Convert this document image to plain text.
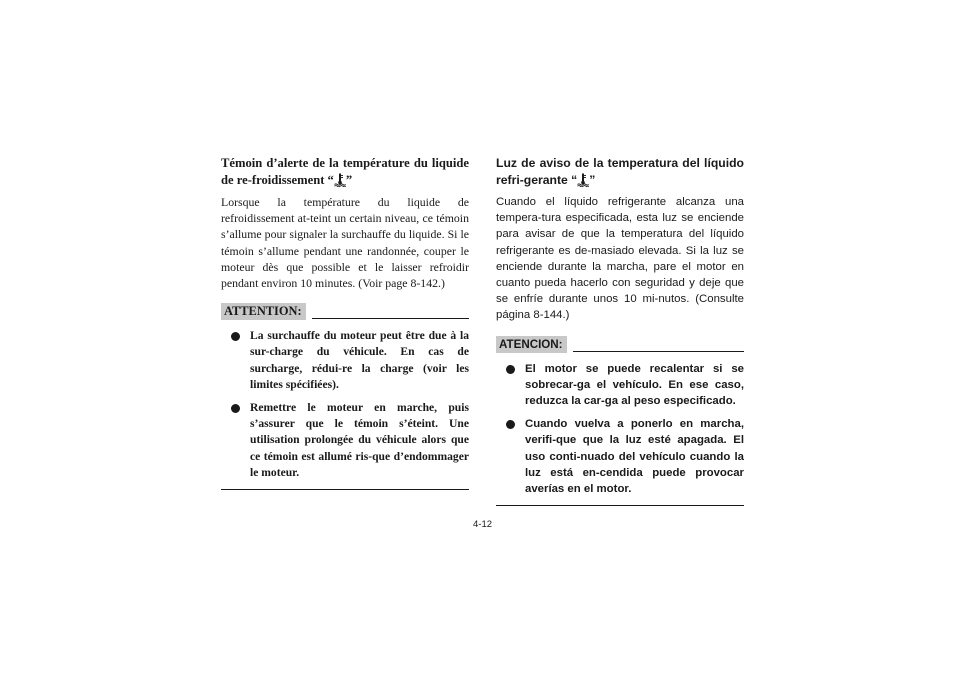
Témoin d’alerte de la température du liquide de re-froidissement “ ”

Lorsque la température du liquide de refroidissement at-teint un certain niveau, ce témoin s’allume pour signaler la surchauffe du liquide. Si le témoin s’allume pendant une randonnée, couper le moteur dès que possible et le laisser refroidir pendant environ 10 minutes. (Voir page 8-142.)

ATTENTION:
La surchauffe du moteur peut être due à la sur-charge du véhicule. En cas de surcharge, rédui-re la charge (voir les limites spécifiées).
Remettre le moteur en marche, puis s’assurer que le témoin s’éteint. Une utilisation prolongée du véhicule alors que ce témoin est allumé ris-que d’endommager le moteur.

Luz de aviso de la temperatura del líquido refri-gerante “ ”

Cuando el líquido refrigerante alcanza una tempera-tura especificada, esta luz se enciende para avisar de que la temperatura del líquido refrigerante es de-masiado elevada. Si la luz se enciende durante la marcha, pare el motor en cuanto pueda hacerlo con seguridad y deje que se enfríe durante unos 10 mi-nutos. (Consulte página 8-144.)

ATENCION:
El motor se puede recalentar si se sobrecar-ga el vehículo. En ese caso, reduzca la car-ga al peso especificado.
Cuando vuelva a ponerlo en marcha, verifi-que que la luz esté apagada. El uso conti-nuado del vehículo cuando la luz está en-cendida puede provocar averías en el motor.
4-12
